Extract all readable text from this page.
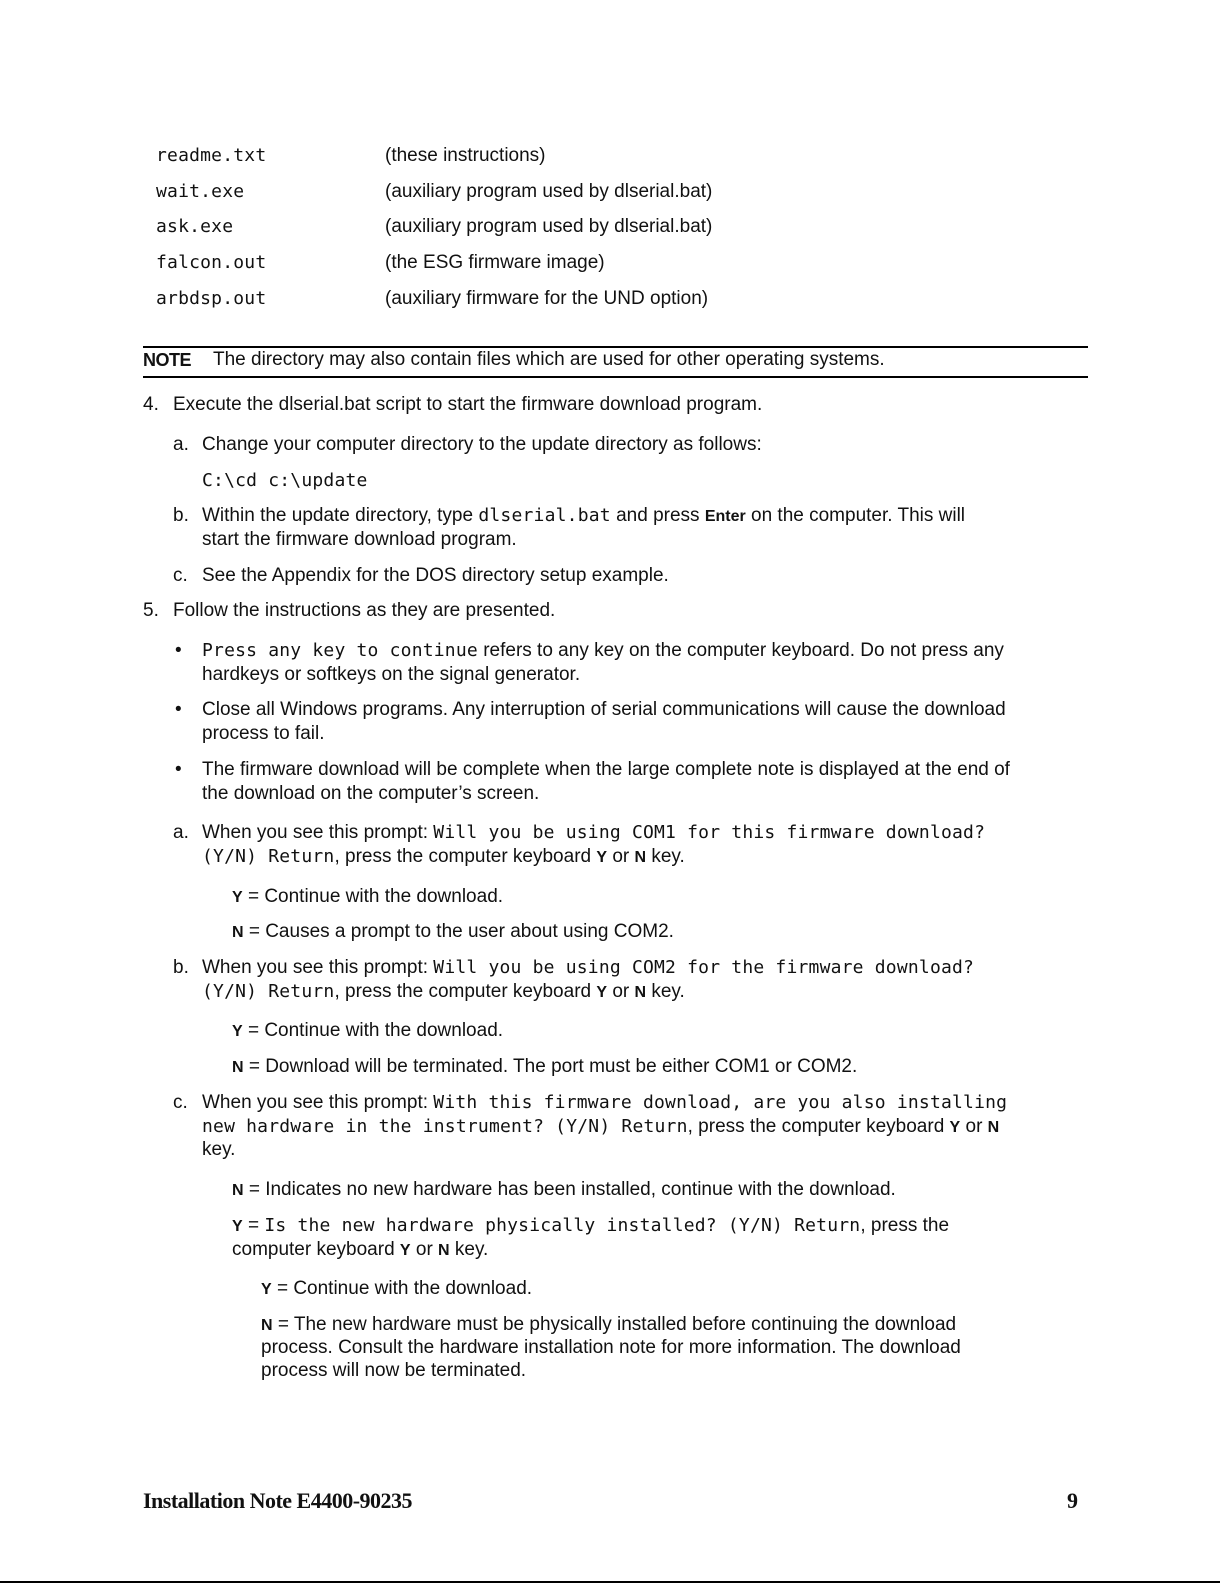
readme.txt	(these instructions)
wait.exe	(auxiliary program used by dlserial.bat)
ask.exe	(auxiliary program used by dlserial.bat)
falcon.out	(the ESG firmware image)
arbdsp.out	(auxiliary firmware for the UND option)
NOTE The directory may also contain files which are used for other operating systems.
4. Execute the dlserial.bat script to start the firmware download program.
a. Change your computer directory to the update directory as follows:
C:\cd c:\update
b. Within the update directory, type dlserial.bat and press Enter on the computer. This will
start the firmware download program.
c. See the Appendix for the DOS directory setup example.
5. Follow the instructions as they are presented.
• Press any key to continue refers to any key on the computer keyboard. Do not press any
hardkeys or softkeys on the signal generator.
• Close all Windows programs. Any interruption of serial communications will cause the download
process to fail.
• The firmware download will be complete when the large complete note is displayed at the end of
the download on the computer’s screen.
a. When you see this prompt: Will you be using COM1 for this firmware download?
(Y/N) Return, press the computer keyboard Y or N key.
Y = Continue with the download.
N = Causes a prompt to the user about using COM2.
b. When you see this prompt: Will you be using COM2 for the firmware download?
(Y/N) Return, press the computer keyboard Y or N key.
Y = Continue with the download.
N = Download will be terminated. The port must be either COM1 or COM2.
c. When you see this prompt: With this firmware download, are you also installing
new hardware in the instrument? (Y/N) Return, press the computer keyboard Y or N
key.
N = Indicates no new hardware has been installed, continue with the download.
Y = Is the new hardware physically installed? (Y/N) Return, press the
computer keyboard Y or N key.
Y = Continue with the download.
N = The new hardware must be physically installed before continuing the download
process. Consult the hardware installation note for more information. The download
process will now be terminated.
Installation Note E4400-90235	9
